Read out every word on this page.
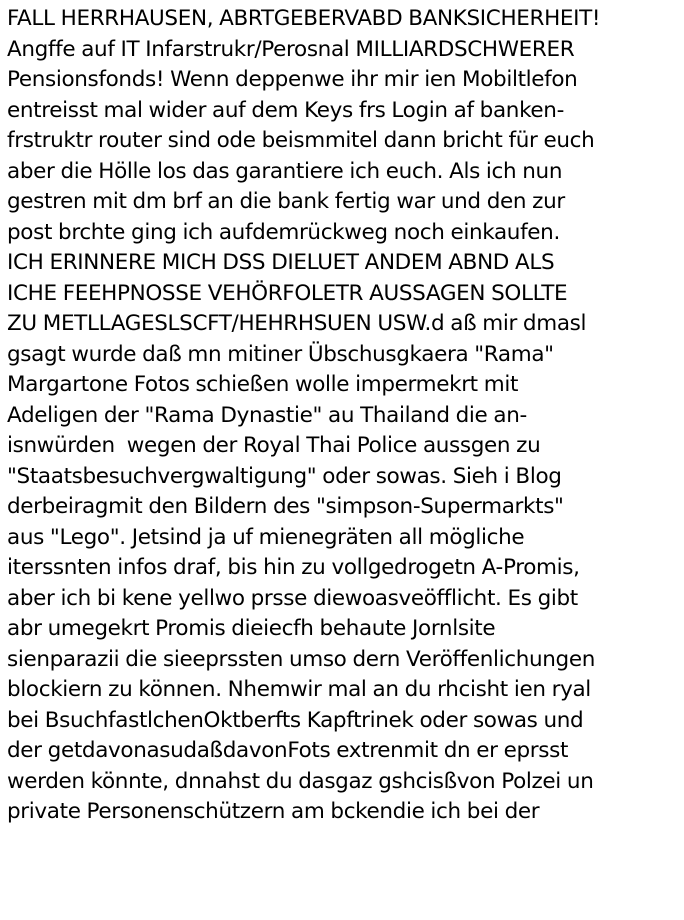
FALL HERRHAUSEN, ABRTGEBERVABD BANKSICHERHEIT!
Angffe auf IT Infarstrukr/Perosnal MILLIARDSCHWERER
Pensionsfonds! Wenn deppenwe ihr mir ien Mobiltlefon
entreisst mal wider auf dem Keys frs Login af banken-
frstruktr router sind ode beismmitel dann bricht für euch
aber die Hölle los das garantiere ich euch. Als ich nun
gestren mit dm brf an die bank fertig war und den zur
post brchte ging ich aufdemrückweg noch einkaufen.
ICH ERINNERE MICH DSS DIELUET ANDEM ABND ALS
ICHE FEEHPNOSSE VEHÖRFOLETR AUSSAGEN SOLLTE
ZU METLLAGESLSCFT/HEHRHSUEN USW.d aß mir dmasl
gsagt wurde daß mn mitiner Übschusgkaera "Rama"
Margartone Fotos schießen wolle impermekrt mit
Adeligen der "Rama Dynastie" au Thailand die an-
isnwürden  wegen der Royal Thai Police aussgen zu
"Staatsbesuchvergwaltigung" oder sowas. Sieh i Blog
derbeiragmit den Bildern des "simpson-Supermarkts"
aus "Lego". Jetsind ja uf mienegräten all mögliche
iterssnten infos draf, bis hin zu vollgedrogetn A-Promis,
aber ich bi kene yellwo prsse diewoasveöfflicht. Es gibt
abr umegekrt Promis dieiecfh behaute Jornlsite
sienparazii die sieeprssten umso dern Veröffenlichungen
blockiern zu können. Nhemwir mal an du rhcisht ien ryal
bei BsuchfastlchenOktberfts Kapftrinek oder sowas und
der getdavonasudaßdavonFots extrenmit dn er eprsst
werden könnte, dnnahst du dasgaz gshcisßvon Polzei un
private Personenschützern am bckendie ich bei der
